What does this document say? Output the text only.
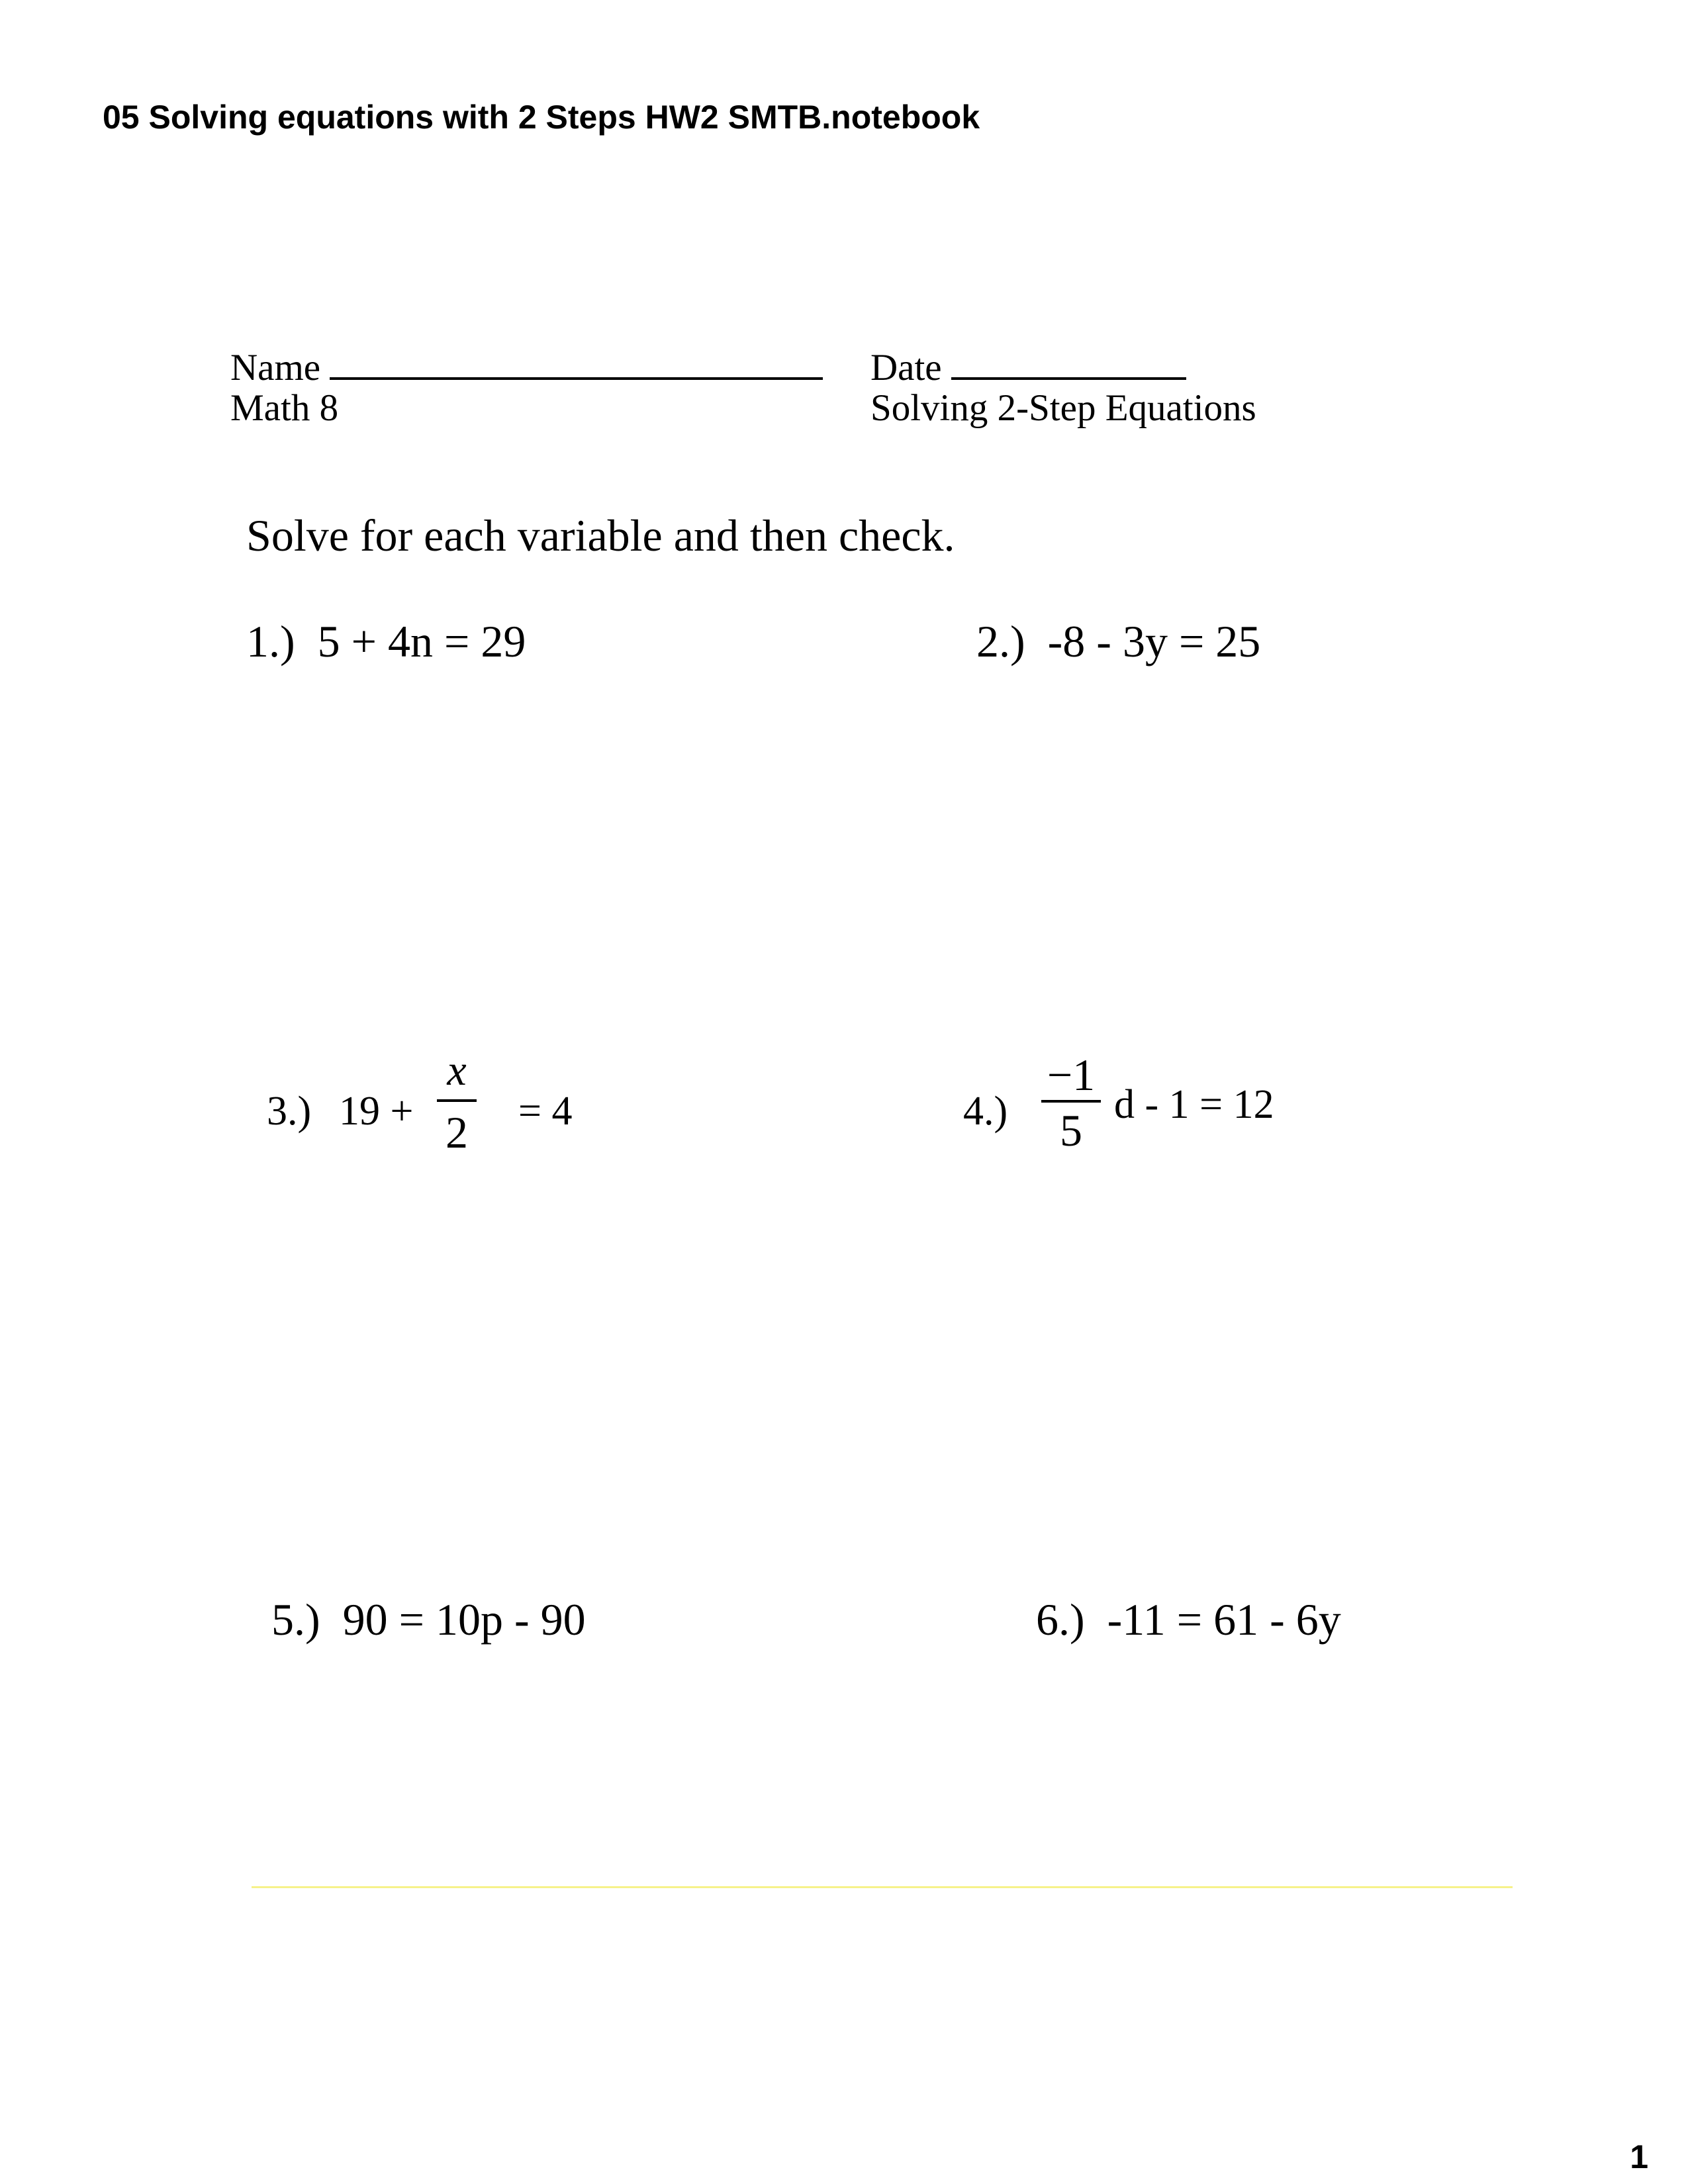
05 Solving equations with 2 Steps HW2 SMTB.notebook
Name
Math 8
Date
Solving 2-Step Equations
Solve for each variable and then check.
1.) 5 + 4n = 29	2.) -8 - 3y = 25
3.) 19 +
x
2 = 4	4.)
−1
5
d - 1 = 12
5.) 90 = 10p - 90	6.) -11 = 61 - 6y
1
